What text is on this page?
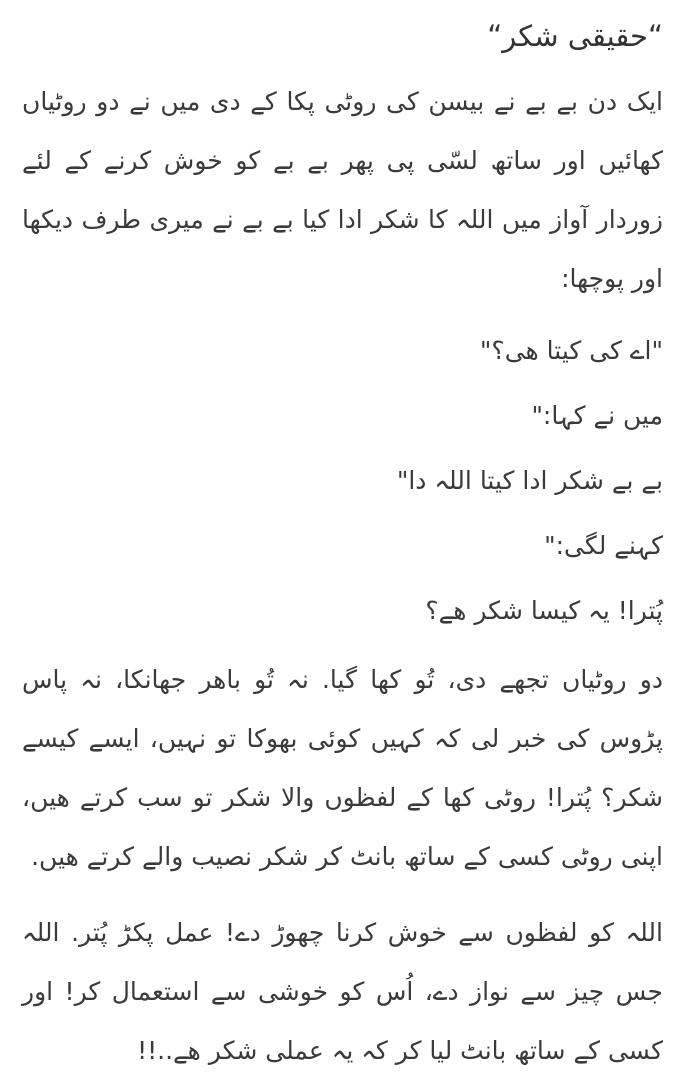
“حقیقی شکر“

ایک دن بے بے نے بیسن کی روٹی پکا کے دی میں نے دو روٹیاں کھائیں اور ساتھ لسّی پی پھر بے بے کو خوش کرنے کے لئے زوردار آواز میں اللہ کا شکر ادا کیا بے بے نے میری طرف دیکھا اور پوچھا:

"اے کی کیتا ھی؟"

میں نے کہا:"

بے بے شکر ادا کیتا اللہ دا"

کہنے لگی:"

پُترا! یہ کیسا شکر ھے؟

دو روٹیاں تجھے دی، تُو کھا گیا. نہ تُو باھر جھانکا، نہ پاس پڑوس کی خبر لی کہ کہیں کوئی بھوکا تو نہیں، ایسے کیسے شکر؟ پُترا! روٹی کھا کے لفظوں والا شکر تو سب کرتے ھیں، اپنی روٹی کسی کے ساتھ بانٹ کر شکر نصیب والے کرتے ھیں.

اللہ کو لفظوں سے خوش کرنا چھوڑ دے! عمل پکڑ پُتر. اللہ جس چیز سے نواز دے، اُس کو خوشی سے استعمال کر! اور کسی کے ساتھ بانٹ لیا کر کہ یہ عملی شکر ھے..!!
